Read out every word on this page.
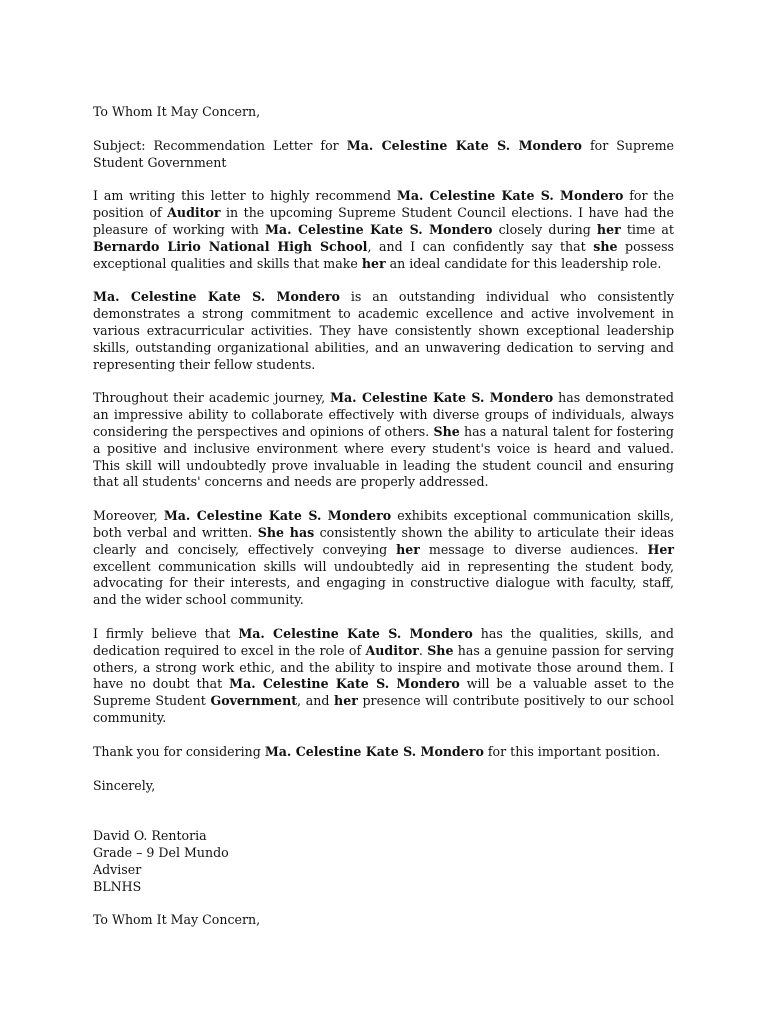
To Whom It May Concern,

Subject: Recommendation Letter for Ma. Celestine Kate S. Mondero for Supreme Student Government

I am writing this letter to highly recommend Ma. Celestine Kate S. Mondero for the position of Auditor in the upcoming Supreme Student Council elections. I have had the pleasure of working with Ma. Celestine Kate S. Mondero closely during her time at Bernardo Lirio National High School, and I can confidently say that she possess exceptional qualities and skills that make her an ideal candidate for this leadership role.

Ma. Celestine Kate S. Mondero is an outstanding individual who consistently demonstrates a strong commitment to academic excellence and active involvement in various extracurricular activities. They have consistently shown exceptional leadership skills, outstanding organizational abilities, and an unwavering dedication to serving and representing their fellow students.

Throughout their academic journey, Ma. Celestine Kate S. Mondero has demonstrated an impressive ability to collaborate effectively with diverse groups of individuals, always considering the perspectives and opinions of others. She has a natural talent for fostering a positive and inclusive environment where every student's voice is heard and valued. This skill will undoubtedly prove invaluable in leading the student council and ensuring that all students' concerns and needs are properly addressed.

Moreover, Ma. Celestine Kate S. Mondero exhibits exceptional communication skills, both verbal and written. She has consistently shown the ability to articulate their ideas clearly and concisely, effectively conveying her message to diverse audiences. Her excellent communication skills will undoubtedly aid in representing the student body, advocating for their interests, and engaging in constructive dialogue with faculty, staff, and the wider school community.

I firmly believe that Ma. Celestine Kate S. Mondero has the qualities, skills, and dedication required to excel in the role of Auditor. She has a genuine passion for serving others, a strong work ethic, and the ability to inspire and motivate those around them. I have no doubt that Ma. Celestine Kate S. Mondero will be a valuable asset to the Supreme Student Government, and her presence will contribute positively to our school community.

Thank you for considering Ma. Celestine Kate S. Mondero for this important position.

Sincerely,

David O. Rentoria
Grade – 9 Del Mundo
Adviser
BLNHS

To Whom It May Concern,
